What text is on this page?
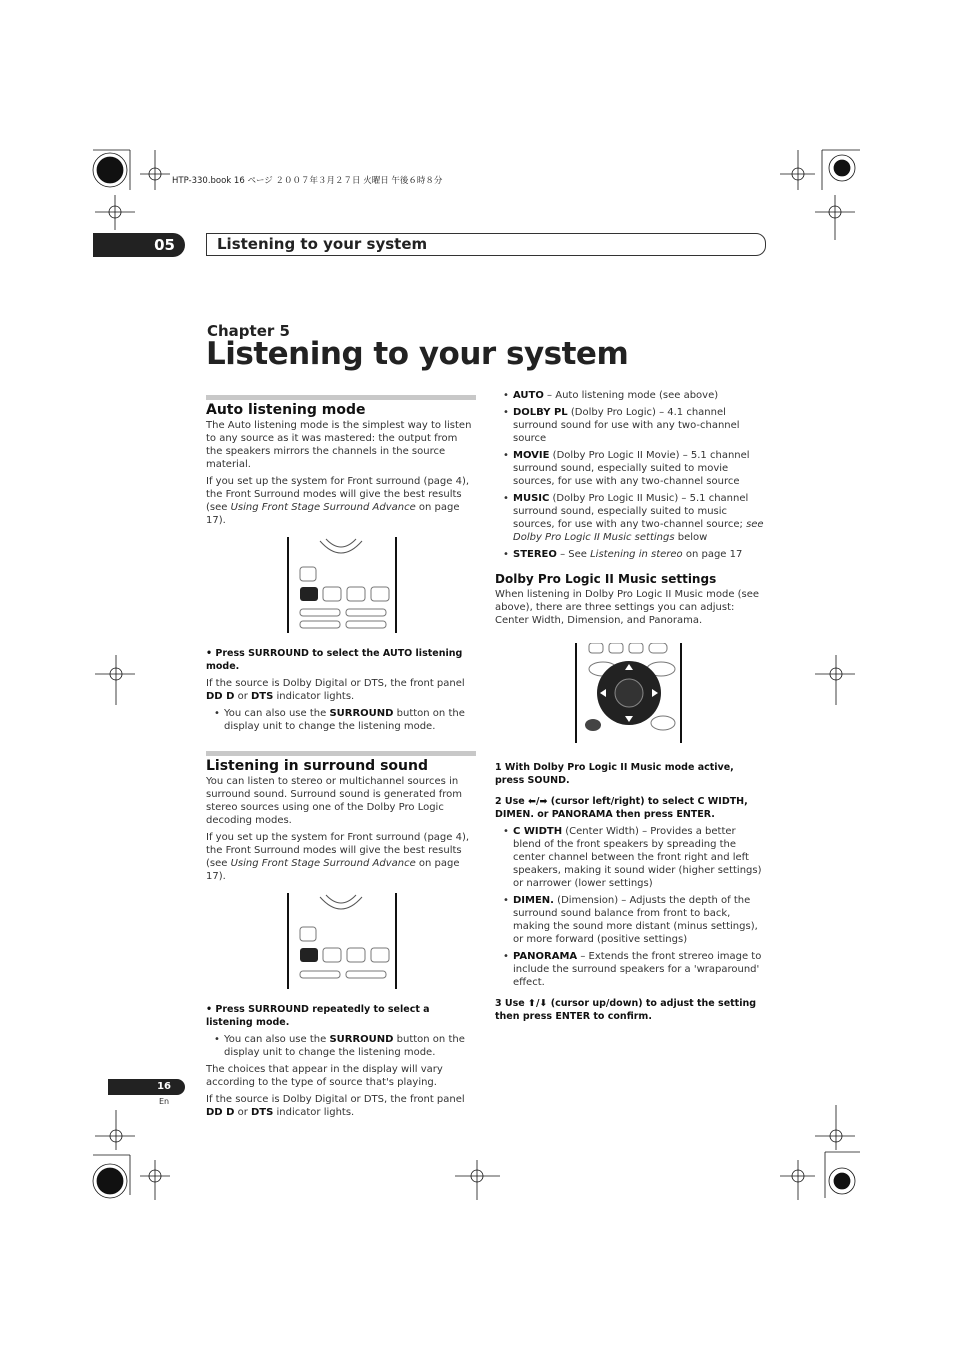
HTP-330.book 16 ページ ２００７年３月２７日 火曜日 午後６時８分
05	Listening to your system
Chapter 5
Listening to your system
Auto listening mode

The Auto listening mode is the simplest way to listen to any source as it was mastered: the output from the speakers mirrors the channels in the source material.

If you set up the system for Front surround (page 4), the Front Surround modes will give the best results (see Using Front Stage Surround Advance on page 17).

• Press SURROUND to select the AUTO listening mode.

If the source is Dolby Digital or DTS, the front panel DD D or DTS indicator lights.

• You can also use the SURROUND button on the display unit to change the listening mode.
Listening in surround sound

You can listen to stereo or multichannel sources in surround sound. Surround sound is generated from stereo sources using one of the Dolby Pro Logic decoding modes.

If you set up the system for Front surround (page 4), the Front Surround modes will give the best results (see Using Front Stage Surround Advance on page 17).

• Press SURROUND repeatedly to select a listening mode.

• You can also use the SURROUND button on the display unit to change the listening mode.

The choices that appear in the display will vary according to the type of source that's playing.

If the source is Dolby Digital or DTS, the front panel DD D or DTS indicator lights.

• AUTO – Auto listening mode (see above)
• DOLBY PL (Dolby Pro Logic) – 4.1 channel surround sound for use with any two-channel source
• MOVIE (Dolby Pro Logic II Movie) – 5.1 channel surround sound, especially suited to movie sources, for use with any two-channel source
• MUSIC (Dolby Pro Logic II Music) – 5.1 channel surround sound, especially suited to music sources, for use with any two-channel source; see Dolby Pro Logic II Music settings below
• STEREO – See Listening in stereo on page 17
Dolby Pro Logic II Music settings

When listening in Dolby Pro Logic II Music mode (see above), there are three settings you can adjust: Center Width, Dimension, and Panorama.

1 With Dolby Pro Logic II Music mode active, press SOUND.

2 Use ⬅/➡ (cursor left/right) to select C WIDTH, DIMEN. or PANORAMA then press ENTER.

• C WIDTH (Center Width) – Provides a better blend of the front speakers by spreading the center channel between the front right and left speakers, making it sound wider (higher settings) or narrower (lower settings)
• DIMEN. (Dimension) – Adjusts the depth of the surround sound balance from front to back, making the sound more distant (minus settings), or more forward (positive settings)
• PANORAMA – Extends the front strereo image to include the surround speakers for a 'wraparound' effect.

3 Use ⬆/⬇ (cursor up/down) to adjust the setting then press ENTER to confirm.

16
En
